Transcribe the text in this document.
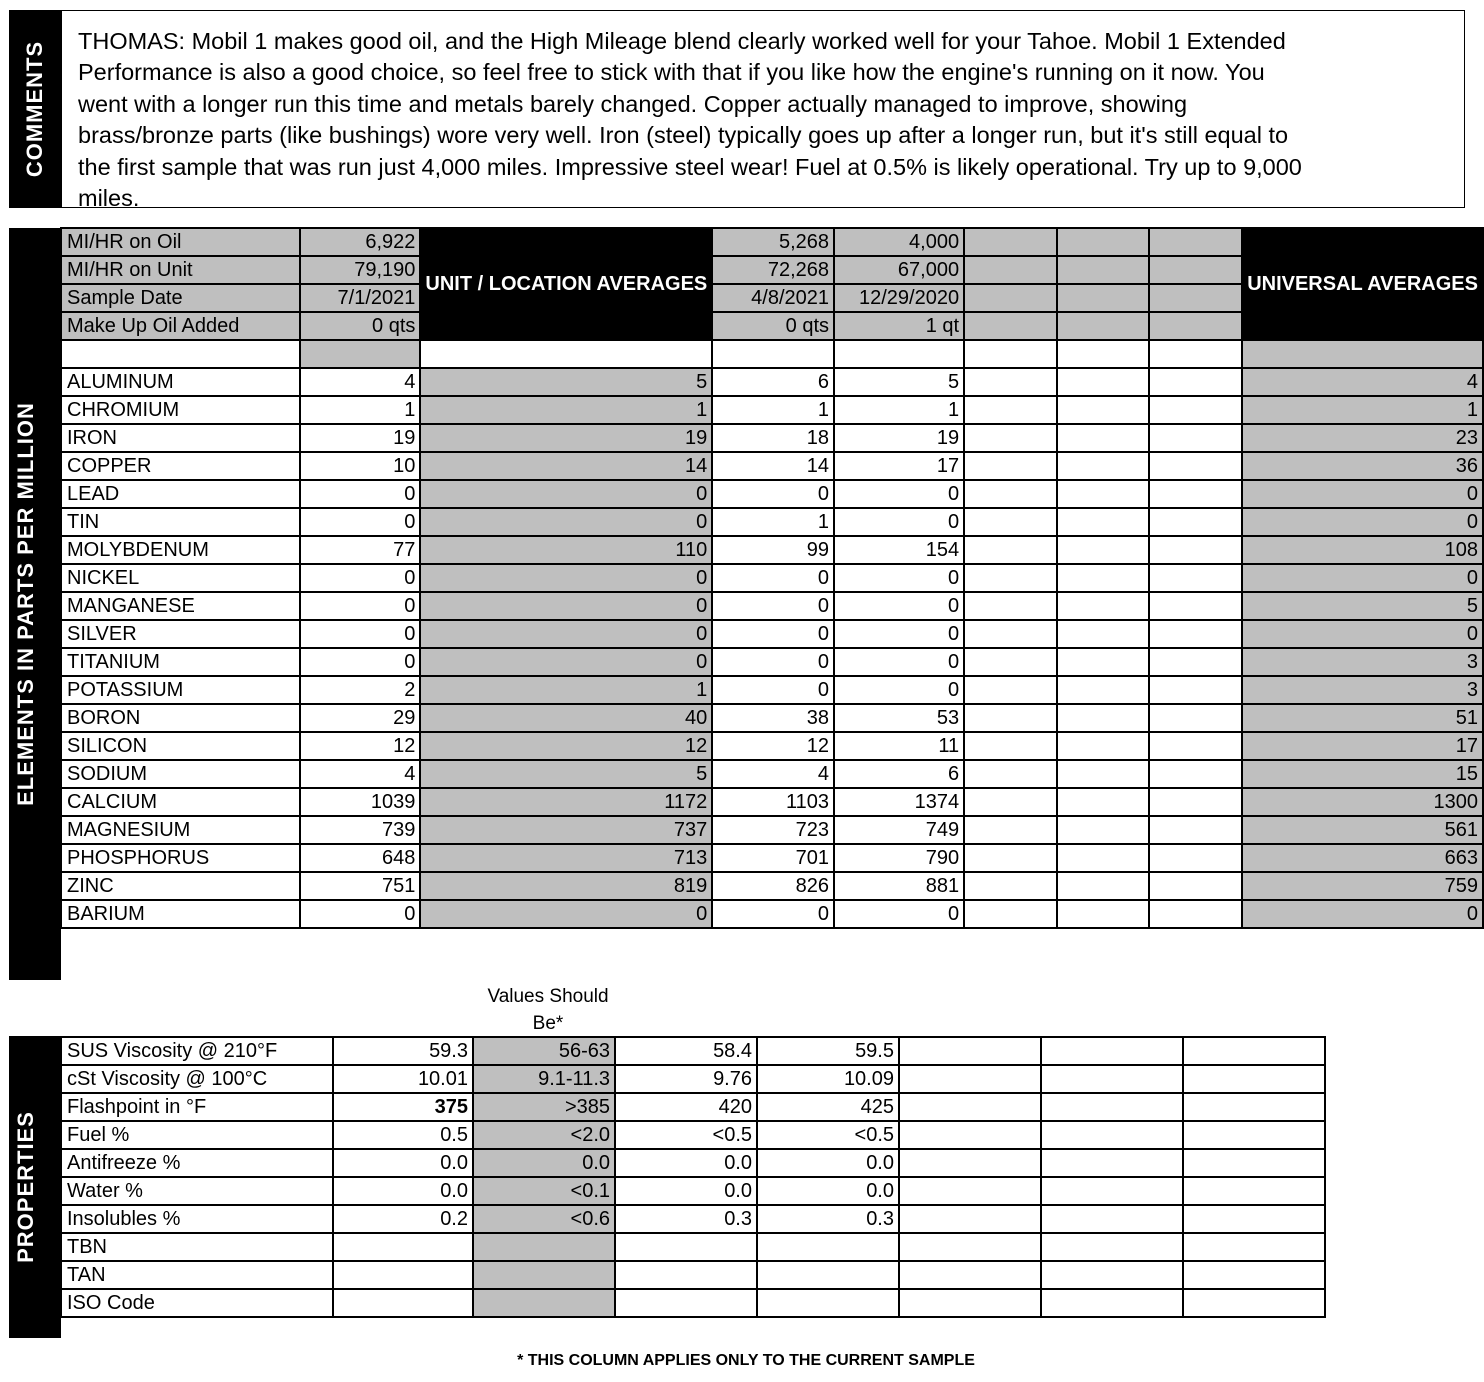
COMMENTS THOMAS: Mobil 1 makes good oil, and the High Mileage blend clearly worked well for your Tahoe. Mobil 1 Extended Performance is also a good choice, so feel free to stick with that if you like how the engine's running on it now. You went with a longer run this time and metals barely changed. Copper actually managed to improve, showing brass/bronze parts (like bushings) wore very well. Iron (steel) typically goes up after a longer run, but it's still equal to the first sample that was run just 4,000 miles. Impressive steel wear! Fuel at 0.5% is likely operational. Try up to 9,000 miles.
ELEMENTS IN PARTS PER MILLION
MI/HR on Oil	6,922	UNIT / LOCATION AVERAGES	5,268	4,000				UNIVERSAL AVERAGES
MI/HR on Unit	79,190		72,268	67,000				
Sample Date	7/1/2021		4/8/2021	12/29/2020				
Make Up Oil Added	0 qts		0 qts	1 qt				

ALUMINUM	4	5	6	5				4
CHROMIUM	1	1	1	1				1
IRON	19	19	18	19				23
COPPER	10	14	14	17				36
LEAD	0	0	0	0				0
TIN	0	0	1	0				0
MOLYBDENUM	77	110	99	154				108
NICKEL	0	0	0	0				0
MANGANESE	0	0	0	0				5
SILVER	0	0	0	0				0
TITANIUM	0	0	0	0				3
POTASSIUM	2	1	0	0				3
BORON	29	40	38	53				51
SILICON	12	12	12	11				17
SODIUM	4	5	4	6				15
CALCIUM	1039	1172	1103	1374				1300
MAGNESIUM	739	737	723	749				561
PHOSPHORUS	648	713	701	790				663
ZINC	751	819	826	881				759
BARIUM	0	0	0	0				0
Values Should Be*
PROPERTIES
SUS Viscosity @ 210°F	59.3	56-63	58.4	59.5			
cSt Viscosity @ 100°C	10.01	9.1-11.3	9.76	10.09			
Flashpoint in °F	375	>385	420	425			
Fuel %	0.5	<2.0	<0.5	<0.5			
Antifreeze %	0.0	0.0	0.0	0.0			
Water %	0.0	<0.1	0.0	0.0			
Insolubles %	0.2	<0.6	0.3	0.3			
TBN							
TAN							
ISO Code							
* THIS COLUMN APPLIES ONLY TO THE CURRENT SAMPLE
